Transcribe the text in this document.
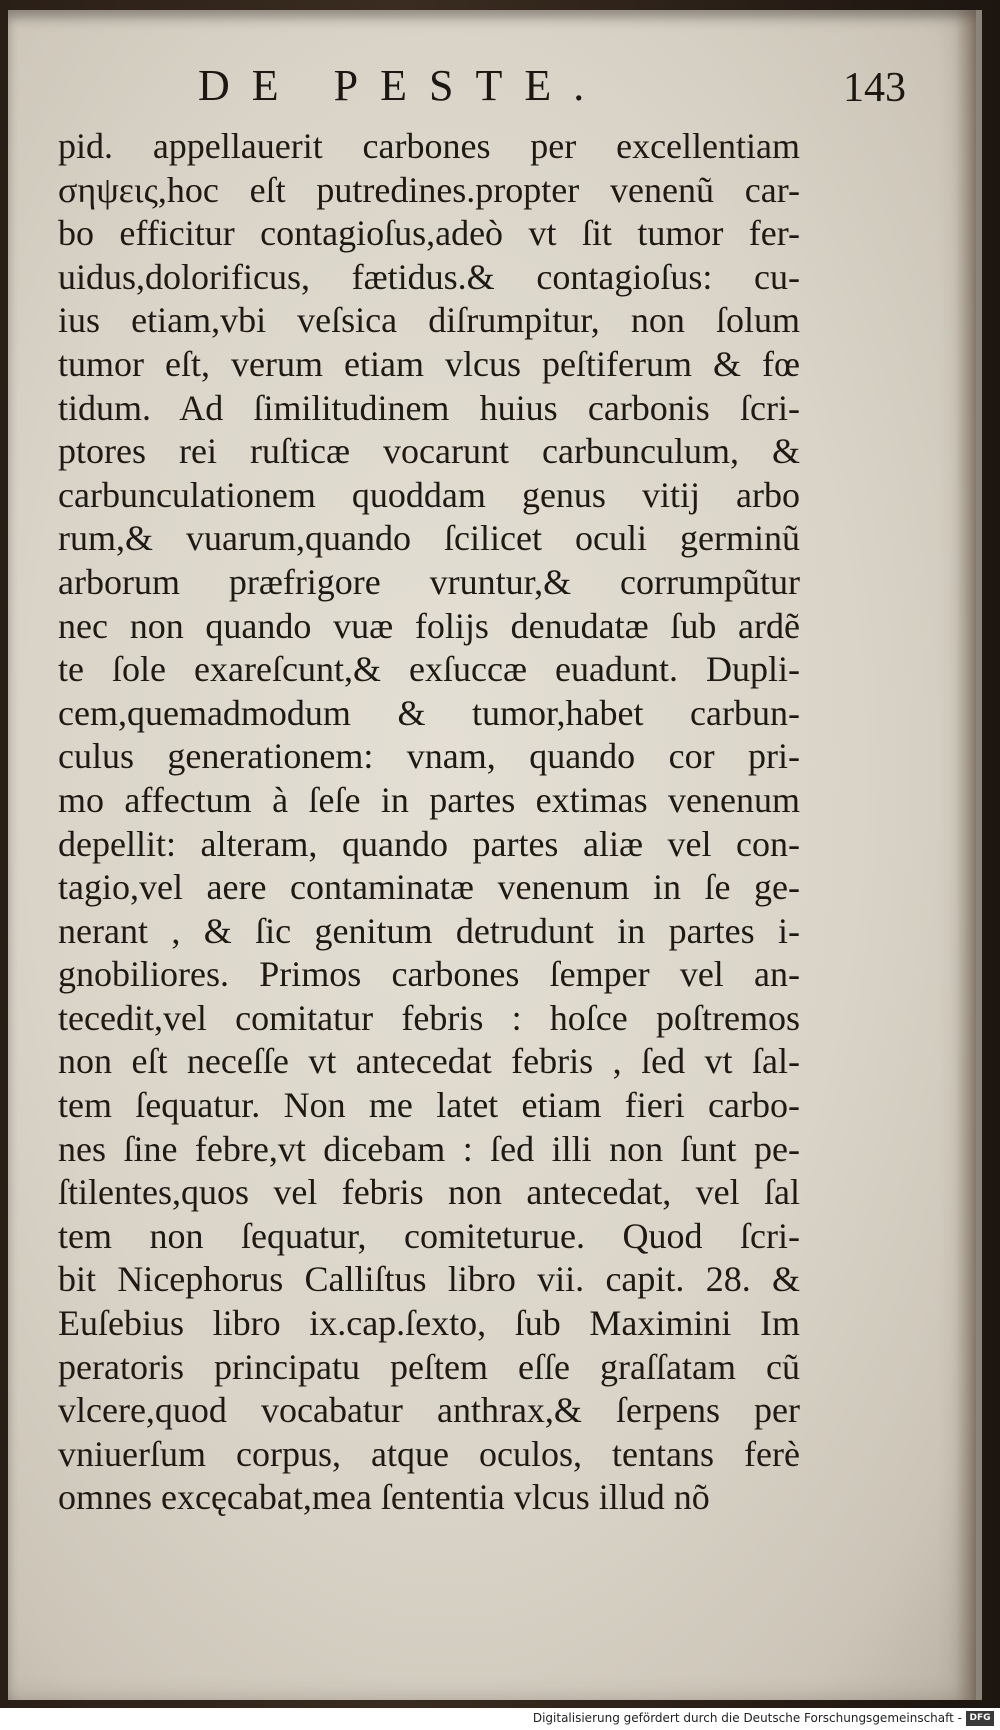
DE PESTE.	143
pid. appellauerit carbones per excellentiam
σηψεις,hoc eſt putredines.propter venenũ car-
bo efficitur contagioſus,adeò vt ſit tumor fer-
uidus,dolorificus, fætidus.& contagioſus: cu-
ius etiam,vbi veſsica diſrumpitur, non ſolum
tumor eſt, verum etiam vlcus peſtiferum & fœ
tidum. Ad ſimilitudinem huius carbonis ſcri-
ptores rei ruſticæ vocarunt carbunculum, &
carbunculationem quoddam genus vitij arbo
rum,& vuarum,quando ſcilicet oculi germinũ
arborum præfrigore vruntur,& corrumpũtur
nec non quando vuæ folijs denudatæ ſub ardẽ
te ſole exareſcunt,& exſuccæ euadunt. Dupli-
cem,quemadmodum & tumor,habet carbun-
culus generationem: vnam, quando cor pri-
mo affectum à ſeſe in partes extimas venenum
depellit: alteram, quando partes aliæ vel con-
tagio,vel aere contaminatæ venenum in ſe ge-
nerant , & ſic genitum detrudunt in partes i-
gnobiliores. Primos carbones ſemper vel an-
tecedit,vel comitatur febris : hoſce poſtremos
non eſt neceſſe vt antecedat febris , ſed vt ſal-
tem ſequatur. Non me latet etiam fieri carbo-
nes ſine febre,vt dicebam : ſed illi non ſunt pe-
ſtilentes,quos vel febris non antecedat, vel ſal
tem non ſequatur, comiteturue. Quod ſcri-
bit Nicephorus Calliſtus libro vii. capit. 28. &
Euſebius libro ix.cap.ſexto, ſub Maximini Im
peratoris principatu peſtem eſſe graſſatam cũ
vlcere,quod vocabatur anthrax,& ſerpens per
vniuerſum corpus, atque oculos, tentans ferè
omnes excęcabat,mea ſententia vlcus illud nõ
Digitalisierung gefördert durch die Deutsche Forschungsgemeinschaft - DFG
